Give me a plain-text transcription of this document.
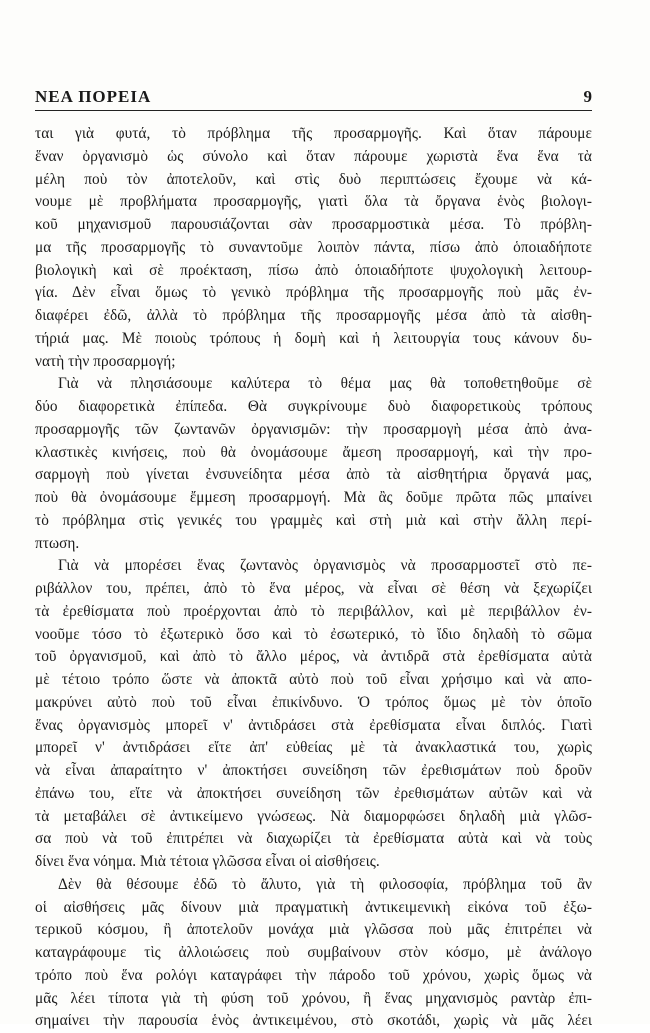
ΝΕΑ ΠΟΡΕΙΑ	9
ται γιὰ φυτά, τὸ πρόβλημα τῆς προσαρμογῆς. Καὶ ὅταν πάρουμε
ἕναν ὀργανισμὸ ὡς σύνολο καὶ ὅταν πάρουμε χωριστὰ ἕνα ἕνα τὰ
μέλη ποὺ τὸν ἀποτελοῦν, καὶ στὶς δυὸ περιπτώσεις ἔχουμε νὰ κά-
νουμε μὲ προβλήματα προσαρμογῆς, γιατὶ ὅλα τὰ ὄργανα ἑνὸς βιολογι-
κοῦ μηχανισμοῦ παρουσιάζονται σὰν προσαρμοστικὰ μέσα. Τὸ πρόβλη-
μα τῆς προσαρμογῆς τὸ συναντοῦμε λοιπὸν πάντα, πίσω ἀπὸ ὁποιαδήποτε
βιολογικὴ καὶ σὲ προέκταση, πίσω ἀπὸ ὁποιαδήποτε ψυχολογικὴ λειτουρ-
γία. Δὲν εἶναι ὅμως τὸ γενικὸ πρόβλημα τῆς προσαρμογῆς ποὺ μᾶς ἐν-
διαφέρει ἐδῶ, ἀλλὰ τὸ πρόβλημα τῆς προσαρμογῆς μέσα ἀπὸ τὰ αἰσθη-
τήριά μας. Μὲ ποιοὺς τρόπους ἡ δομὴ καὶ ἡ λειτουργία τους κάνουν δυ-
νατὴ τὴν προσαρμογή;
Γιὰ νὰ πλησιάσουμε καλύτερα τὸ θέμα μας θὰ τοποθετηθοῦμε σὲ
δύο διαφορετικὰ ἐπίπεδα. Θὰ συγκρίνουμε δυὸ διαφορετικοὺς τρόπους
προσαρμογῆς τῶν ζωντανῶν ὀργανισμῶν: τὴν προσαρμογὴ μέσα ἀπὸ ἀνα-
κλαστικὲς κινήσεις, ποὺ θὰ ὀνομάσουμε ἄμεση προσαρμογή, καὶ τὴν προ-
σαρμογὴ ποὺ γίνεται ἐνσυνείδητα μέσα ἀπὸ τὰ αἰσθητήρια ὄργανά μας,
ποὺ θὰ ὀνομάσουμε ἔμμεση προσαρμογή. Μὰ ἂς δοῦμε πρῶτα πῶς μπαίνει
τὸ πρόβλημα στὶς γενικές του γραμμὲς καὶ στὴ μιὰ καὶ στὴν ἄλλη περί-
πτωση.
Γιὰ νὰ μπορέσει ἕνας ζωντανὸς ὀργανισμὸς νὰ προσαρμοστεῖ στὸ πε-
ριβάλλον του, πρέπει, ἀπὸ τὸ ἕνα μέρος, νὰ εἶναι σὲ θέση νὰ ξεχωρίζει
τὰ ἐρεθίσματα ποὺ προέρχονται ἀπὸ τὸ περιβάλλον, καὶ μὲ περιβάλλον ἐν-
νοοῦμε τόσο τὸ ἐξωτερικὸ ὅσο καὶ τὸ ἐσωτερικό, τὸ ἴδιο δηλαδὴ τὸ σῶμα
τοῦ ὀργανισμοῦ, καὶ ἀπὸ τὸ ἄλλο μέρος, νὰ ἀντιδρᾶ στὰ ἐρεθίσματα αὐτὰ
μὲ τέτοιο τρόπο ὥστε νὰ ἀποκτᾶ αὐτὸ ποὺ τοῦ εἶναι χρήσιμο καὶ νὰ απο-
μακρύνει αὐτὸ ποὺ τοῦ εἶναι ἐπικίνδυνο. Ὁ τρόπος ὅμως μὲ τὸν ὁποῖο
ἕνας ὀργανισμὸς μπορεῖ ν' ἀντιδράσει στὰ ἐρεθίσματα εἶναι διπλός. Γιατὶ
μπορεῖ ν' ἀντιδράσει εἴτε ἀπ' εὐθείας μὲ τὰ ἀνακλαστικά του, χωρὶς
νὰ εἶναι ἀπαραίτητο ν' ἀποκτήσει συνείδηση τῶν ἐρεθισμάτων ποὺ δροῦν
ἐπάνω του, εἴτε νὰ ἀποκτήσει συνείδηση τῶν ἐρεθισμάτων αὐτῶν καὶ νὰ
τὰ μεταβάλει σὲ ἀντικείμενο γνώσεως. Νὰ διαμορφώσει δηλαδὴ μιὰ γλῶσ-
σα ποὺ νὰ τοῦ ἐπιτρέπει νὰ διαχωρίζει τὰ ἐρεθίσματα αὐτὰ καὶ νὰ τοὺς
δίνει ἕνα νόημα. Μιὰ τέτοια γλῶσσα εἶναι οἱ αἰσθήσεις.
Δὲν θὰ θέσουμε ἐδῶ τὸ ἄλυτο, γιὰ τὴ φιλοσοφία, πρόβλημα τοῦ ἂν
οἱ αἰσθήσεις μᾶς δίνουν μιὰ πραγματικὴ ἀντικειμενικὴ εἰκόνα τοῦ ἐξω-
τερικοῦ κόσμου, ἢ ἀποτελοῦν μονάχα μιὰ γλῶσσα ποὺ μᾶς ἐπιτρέπει νὰ
καταγράφουμε τὶς ἀλλοιώσεις ποὺ συμβαίνουν στὸν κόσμο, μὲ ἀνάλογο
τρόπο ποὺ ἕνα ρολόγι καταγράφει τὴν πάροδο τοῦ χρόνου, χωρὶς ὅμως νὰ
μᾶς λέει τίποτα γιὰ τὴ φύση τοῦ χρόνου, ἢ ἕνας μηχανισμὸς ραντὰρ ἐπι-
σημαίνει τὴν παρουσία ἑνὸς ἀντικειμένου, στὸ σκοτάδι, χωρὶς νὰ μᾶς λέει
